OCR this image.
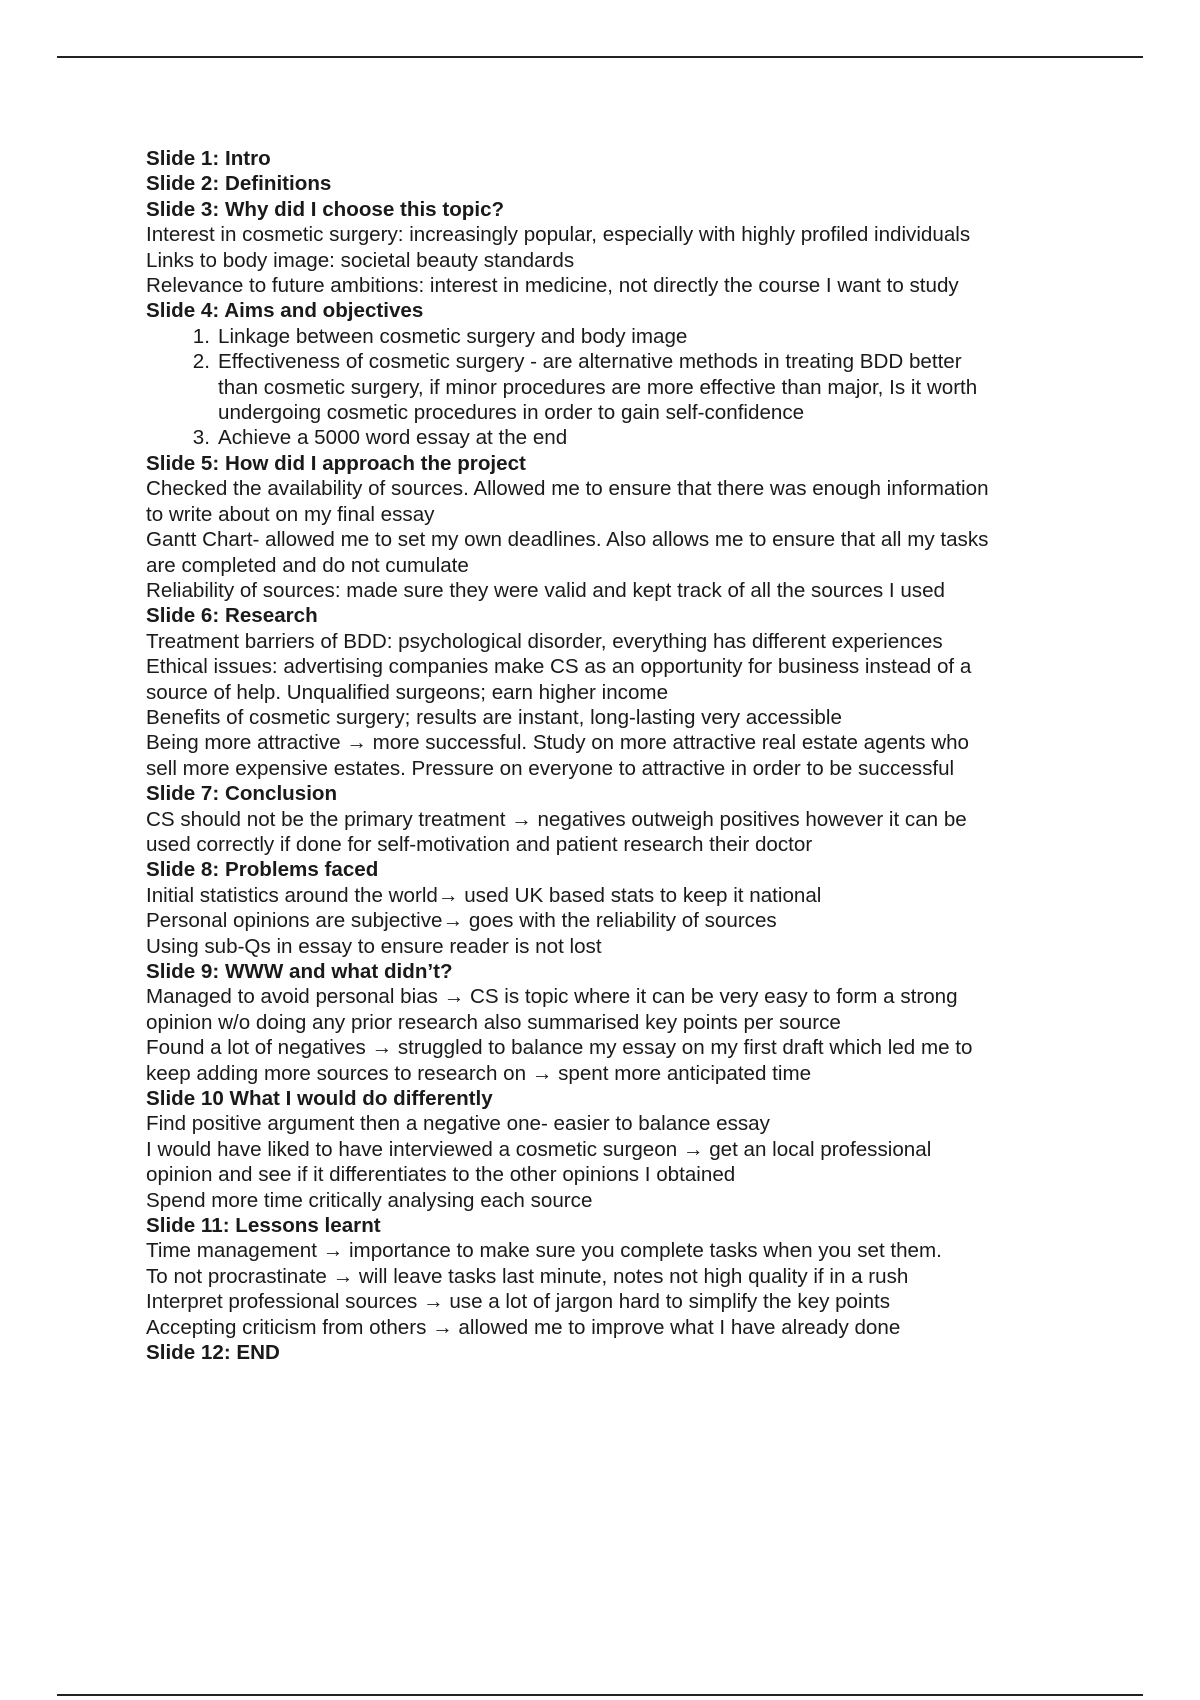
Slide 1: Intro

Slide 2: Definitions

Slide 3: Why did I choose this topic?

Interest in cosmetic surgery: increasingly popular, especially with highly profiled individuals

Links to body image: societal beauty standards

Relevance to future ambitions: interest in medicine, not directly the course I want to study

Slide 4: Aims and objectives

Linkage between cosmetic surgery and body image
Effectiveness of cosmetic surgery - are alternative methods in treating BDD better
than cosmetic surgery, if minor procedures are more effective than major, Is it worth
undergoing cosmetic procedures in order to gain self-confidence
Achieve a 5000 word essay at the end

Slide 5: How did I approach the project

Checked the availability of sources. Allowed me to ensure that there was enough information

to write about on my final essay

Gantt Chart- allowed me to set my own deadlines. Also allows me to ensure that all my tasks

are completed and do not cumulate

Reliability of sources: made sure they were valid and kept track of all the sources I used

Slide 6: Research

Treatment barriers of BDD: psychological disorder, everything has different experiences

Ethical issues: advertising companies make CS as an opportunity for business instead of a

source of help. Unqualified surgeons; earn higher income

Benefits of cosmetic surgery; results are instant, long-lasting very accessible

Being more attractive → more successful. Study on more attractive real estate agents who

sell more expensive estates. Pressure on everyone to attractive in order to be successful

Slide 7: Conclusion

CS should not be the primary treatment → negatives outweigh positives however it can be

used correctly if done for self-motivation and patient research their doctor

Slide 8: Problems faced

Initial statistics around the world→ used UK based stats to keep it national

Personal opinions are subjective→ goes with the reliability of sources

Using sub-Qs in essay to ensure reader is not lost

Slide 9: WWW and what didn’t?

Managed to avoid personal bias → CS is topic where it can be very easy to form a strong

opinion w/o doing any prior research also summarised key points per source

Found a lot of negatives → struggled to balance my essay on my first draft which led me to

keep adding more sources to research on → spent more anticipated time

Slide 10 What I would do differently

Find positive argument then a negative one- easier to balance essay

I would have liked to have interviewed a cosmetic surgeon → get an local professional

opinion and see if it differentiates to the other opinions I obtained

Spend more time critically analysing each source

Slide 11: Lessons learnt

Time management → importance to make sure you complete tasks when you set them.

To not procrastinate → will leave tasks last minute, notes not high quality if in a rush

Interpret professional sources → use a lot of jargon hard to simplify the key points

Accepting criticism from others → allowed me to improve what I have already done

Slide 12: END
